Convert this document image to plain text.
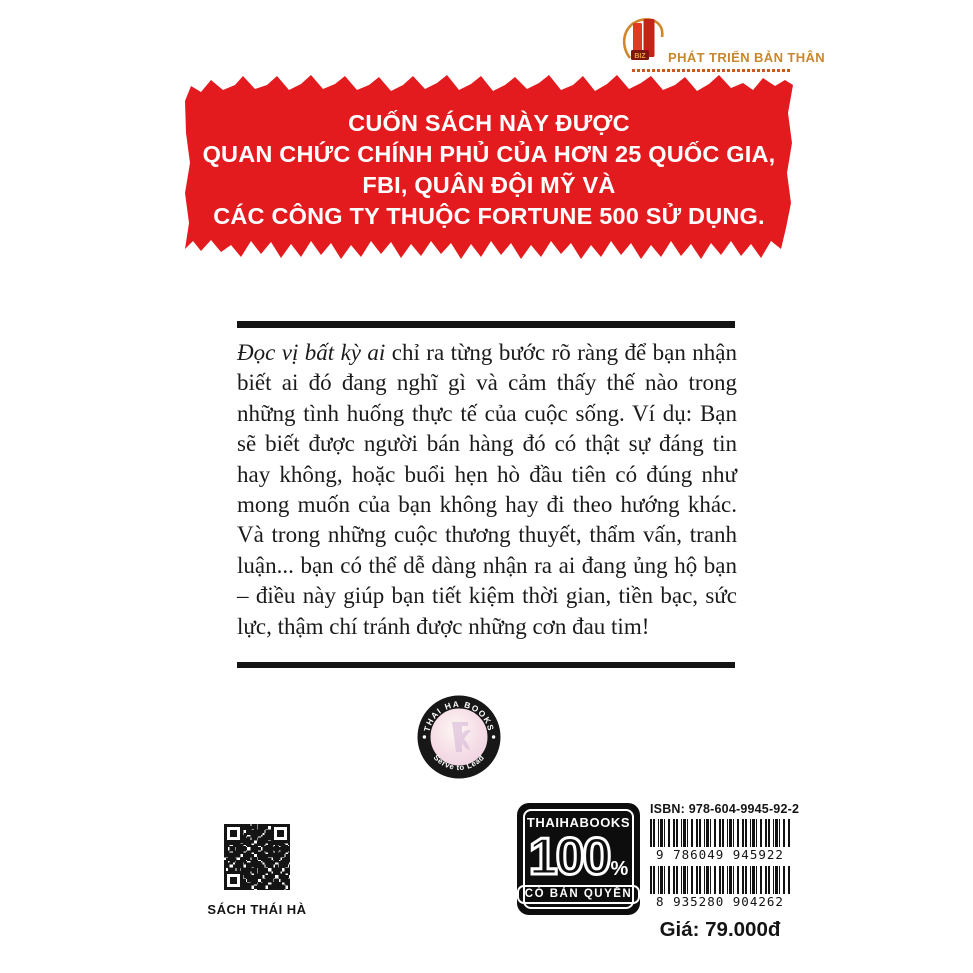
BIZ PHÁT TRIỂN BẢN THÂN
CUỐN SÁCH NÀY ĐƯỢC
QUAN CHỨC CHÍNH PHỦ CỦA HƠN 25 QUỐC GIA,
FBI, QUÂN ĐỘI MỸ VÀ
CÁC CÔNG TY THUỘC FORTUNE 500 SỬ DỤNG.

Đọc vị bất kỳ ai chỉ ra từng bước rõ ràng để bạn nhận biết ai đó đang nghĩ gì và cảm thấy thế nào trong những tình huống thực tế của cuộc sống. Ví dụ: Bạn sẽ biết được người bán hàng đó có thật sự đáng tin hay không, hoặc buổi hẹn hò đầu tiên có đúng như mong muốn của bạn không hay đi theo hướng khác. Và trong những cuộc thương thuyết, thẩm vấn, tranh luận... bạn có thể dễ dàng nhận ra ai đang ủng hộ bạn – điều này giúp bạn tiết kiệm thời gian, tiền bạc, sức lực, thậm chí tránh được những cơn đau tim!

THAI HA BOOKS
Serve to Lead
SÁCH THÁI HÀ
THAIHABOOKS
100 %
CÓ BẢN QUYỀN
ISBN: 978-604-9945-92-2
9 786049 945922
8 935280 904262
Giá: 79.000đ
